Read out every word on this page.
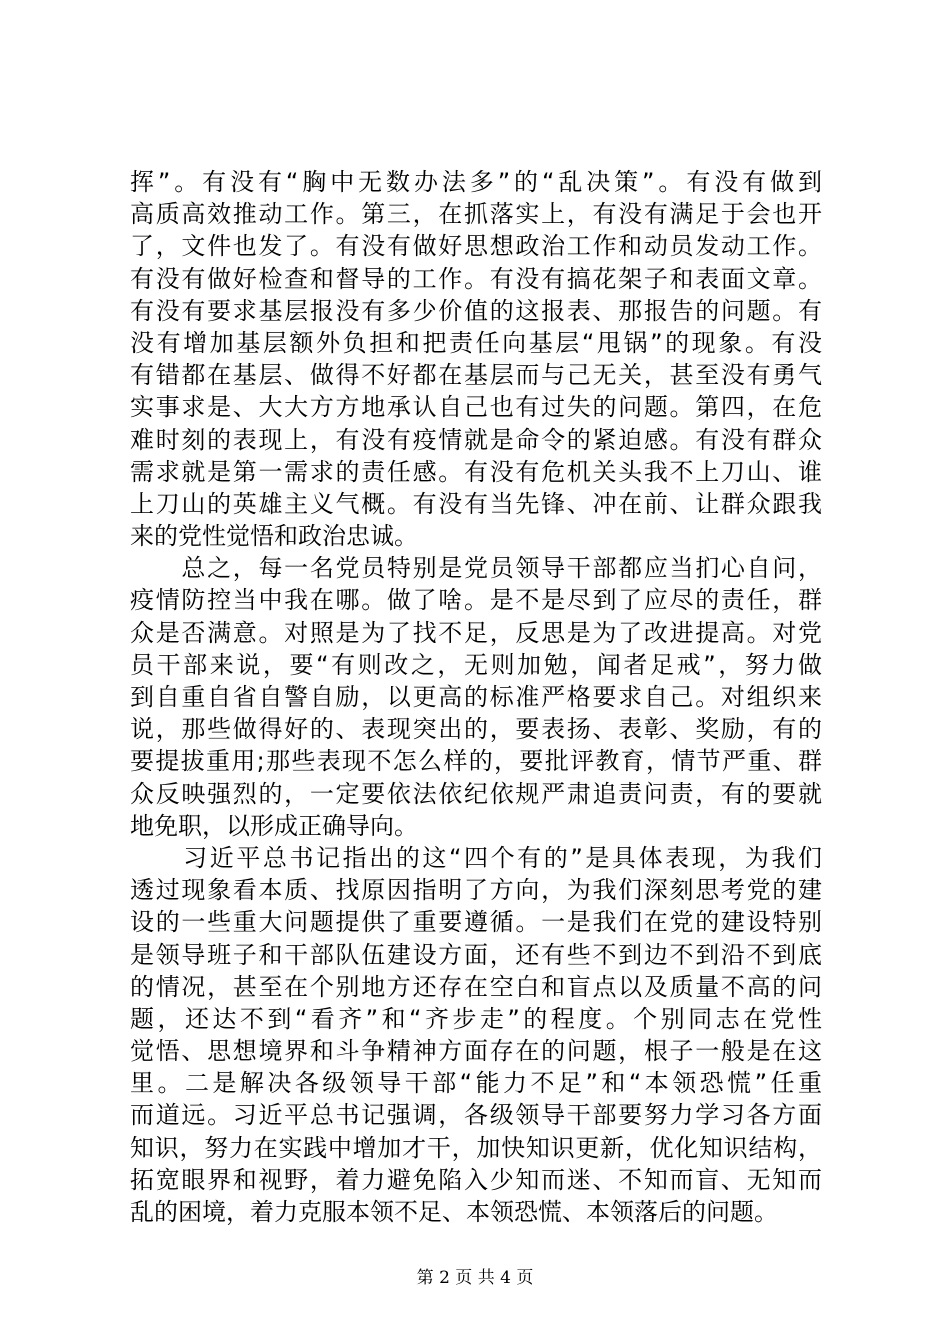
挥”。有没有“胸中无数办法多”的“乱决策”。有没有做到
高质高效推动工作。第三，在抓落实上，有没有满足于会也开
了，文件也发了。有没有做好思想政治工作和动员发动工作。
有没有做好检查和督导的工作。有没有搞花架子和表面文章。
有没有要求基层报没有多少价值的这报表、那报告的问题。有
没有增加基层额外负担和把责任向基层“甩锅”的现象。有没
有错都在基层、做得不好都在基层而与己无关，甚至没有勇气
实事求是、大大方方地承认自己也有过失的问题。第四，在危
难时刻的表现上，有没有疫情就是命令的紧迫感。有没有群众
需求就是第一需求的责任感。有没有危机关头我不上刀山、谁
上刀山的英雄主义气概。有没有当先锋、冲在前、让群众跟我
来的党性觉悟和政治忠诚。
　　总之，每一名党员特别是党员领导干部都应当扪心自问，
疫情防控当中我在哪。做了啥。是不是尽到了应尽的责任，群
众是否满意。对照是为了找不足，反思是为了改进提高。对党
员干部来说，要“有则改之，无则加勉，闻者足戒”，努力做
到自重自省自警自励，以更高的标准严格要求自己。对组织来
说，那些做得好的、表现突出的，要表扬、表彰、奖励，有的
要提拔重用;那些表现不怎么样的，要批评教育，情节严重、群
众反映强烈的，一定要依法依纪依规严肃追责问责，有的要就
地免职，以形成正确导向。
　　习近平总书记指出的这“四个有的”是具体表现，为我们
透过现象看本质、找原因指明了方向，为我们深刻思考党的建
设的一些重大问题提供了重要遵循。一是我们在党的建设特别
是领导班子和干部队伍建设方面，还有些不到边不到沿不到底
的情况，甚至在个别地方还存在空白和盲点以及质量不高的问
题，还达不到“看齐”和“齐步走”的程度。个别同志在党性
觉悟、思想境界和斗争精神方面存在的问题，根子一般是在这
里。二是解决各级领导干部“能力不足”和“本领恐慌”任重
而道远。习近平总书记强调，各级领导干部要努力学习各方面
知识，努力在实践中增加才干，加快知识更新，优化知识结构，
拓宽眼界和视野，着力避免陷入少知而迷、不知而盲、无知而
乱的困境，着力克服本领不足、本领恐慌、本领落后的问题。
第 2 页 共 4 页
